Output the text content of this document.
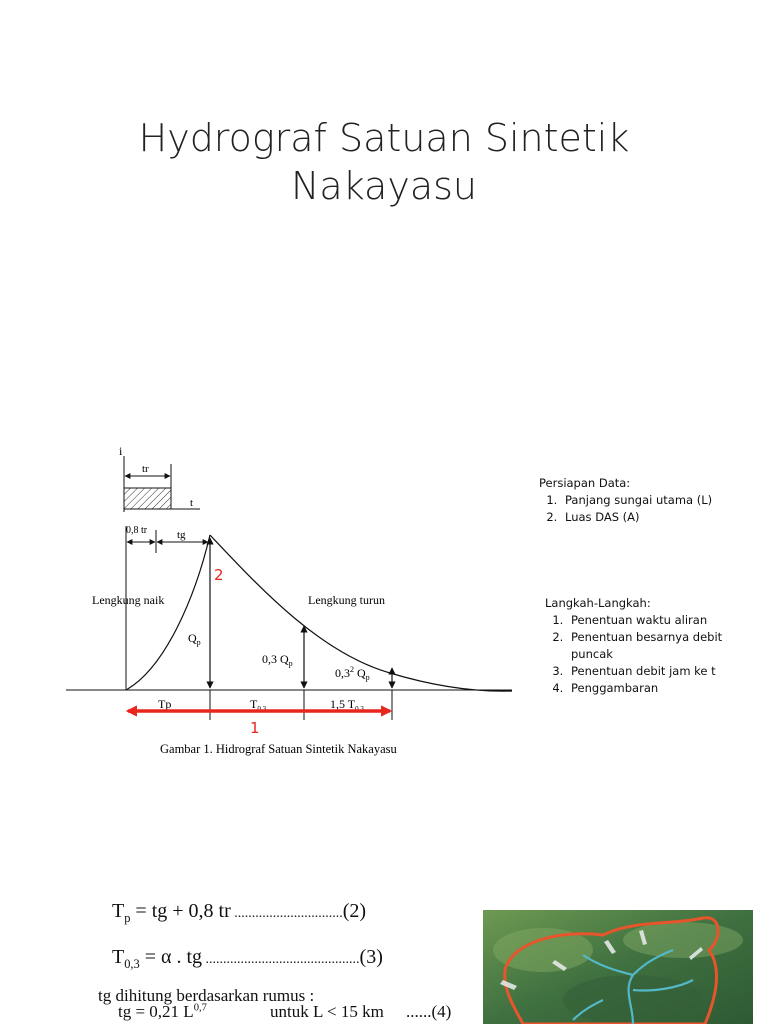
Hydrograf Satuan Sintetik
Nakayasu
i
t
tr
0,8 tr	tg
Lengkung naik	Lengkung turun
$Q_p$
0,3 $Q_p$
$0,3^2$ $Q_p$
Tp	$T_{0,3}$	1,5 $T_{0,3}$
1
2
Gambar 1. Hidrograf Satuan Sintetik Nakayasu
Persiapan Data:
1. Panjang sungai utama (L)
2. Luas DAS (A)
Langkah-Langkah:
1. Penentuan waktu aliran
2. Penentuan besarnya debit puncak
3. Penentuan debit jam ke t
4. Penggambaran
$T_p$ = tg + 0,8 tr ...............................(2)
$T_{0,3} = \alpha$ . tg ............................................(3)
tg dihitung berdasarkan rumus :
tg = 0,21 L$^{0,7}$	untuk L < 15 km ......(4)
